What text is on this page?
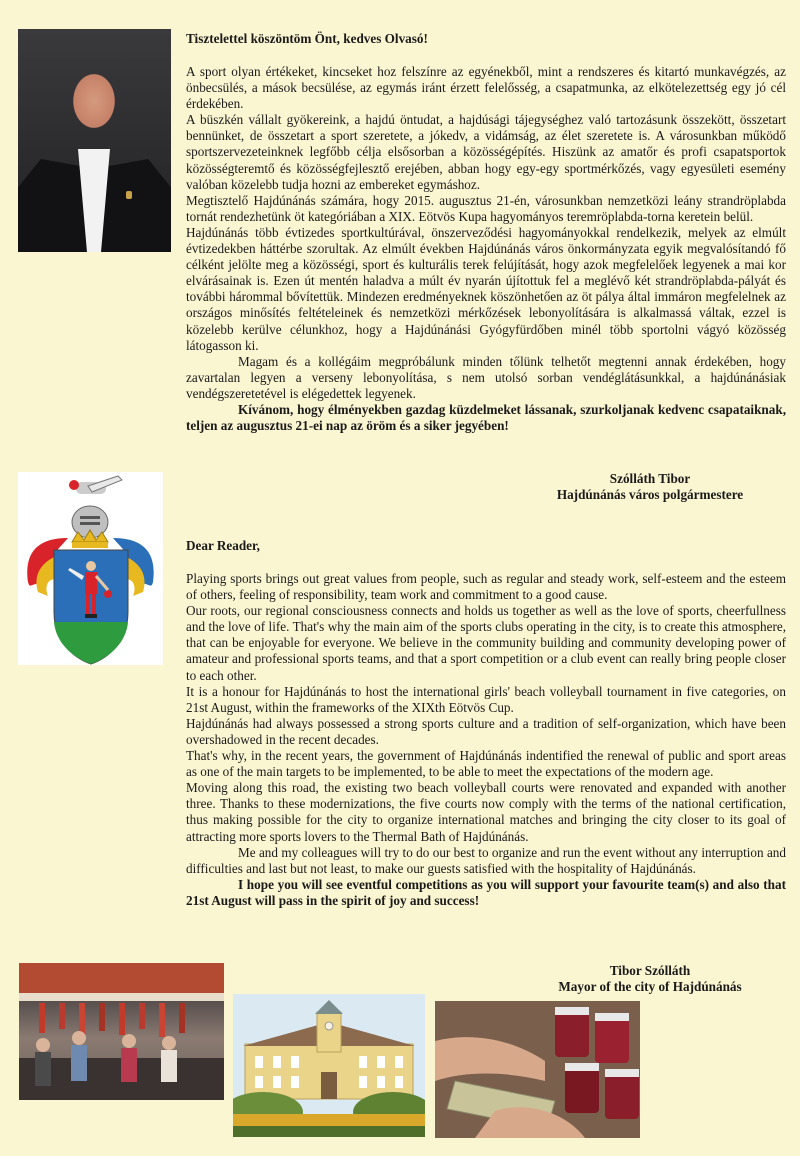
Tisztelettel köszöntöm Önt, kedves Olvasó!

A sport olyan értékeket, kincseket hoz felszínre az egyénekből, mint a rendszeres és kitartó munkavégzés, az önbecsülés, a mások becsülése, az egymás iránt érzett felelősség, a csapatmunka, az elkötelezettség egy jó cél érdekében.

A büszkén vállalt gyökereink, a hajdú öntudat, a hajdúsági tájegységhez való tartozásunk összekött, összetart bennünket, de összetart a sport szeretete, a jókedv, a vidámság, az élet szeretete is. A városunkban működő sportszervezeteinknek legfőbb célja elsősorban a közösségépítés. Hiszünk az amatőr és profi csapatsportok közösségteremtő és közösségfejlesztő erejében, abban hogy egy-egy sportmérkőzés, vagy egyesületi esemény valóban közelebb tudja hozni az embereket egymáshoz.

Megtisztelő Hajdúnánás számára, hogy 2015. augusztus 21-én, városunkban nemzetközi leány strandröplabda tornát rendezhetünk öt kategóriában a XIX. Eötvös Kupa hagyományos teremröplabda-torna keretein belül.

Hajdúnánás több évtizedes sportkultúrával, önszerveződési hagyományokkal rendelkezik, melyek az elmúlt évtizedekben háttérbe szorultak. Az elmúlt években Hajdúnánás város önkormányzata egyik megvalósítandó fő célként jelölte meg a közösségi, sport és kulturális terek felújítását, hogy azok megfelelőek legyenek a mai kor elvárásainak is. Ezen út mentén haladva a múlt év nyarán újítottuk fel a meglévő két strandröplabda-pályát és további hárommal bővítettük. Mindezen eredményeknek köszönhetően az öt pálya által immáron megfelelnek az országos minősítés feltételeinek és nemzetközi mérkőzések lebonyolítására is alkalmassá váltak, ezzel is közelebb kerülve célunkhoz, hogy a Hajdúnánási Gyógyfürdőben minél több sportolni vágyó közösség látogasson ki.

Magam és a kollégáim megpróbálunk minden tőlünk telhetőt megtenni annak érdekében, hogy zavartalan legyen a verseny lebonyolítása, s nem utolsó sorban vendéglátásunkkal, a hajdúnánásiak vendégszeretetével is elégedettek legyenek.

Kívánom, hogy élményekben gazdag küzdelmeket lássanak, szurkoljanak kedvenc csapataiknak, teljen az augusztus 21-ei nap az öröm és a siker jegyében!

Szólláth Tibor
Hajdúnánás város polgármestere

Dear Reader,

Playing sports brings out great values from people, such as regular and steady work, self-esteem and the esteem of others, feeling of responsibility, team work and commitment to a good cause.

Our roots, our regional consciousness connects and holds us together as well as the love of sports, cheerfullness and the love of life. That's why the main aim of the sports clubs operating in the city, is to create this atmosphere, that can be enjoyable for everyone. We believe in the community building and community developing power of amateur and professional sports teams, and that a sport competition or a club event can really bring people closer to each other.

It is a honour for Hajdúnánás to host the international girls' beach volleyball tournament in five categories, on 21st August, within the frameworks of the XIXth Eötvös Cup.

Hajdúnánás had always possessed a strong sports culture and a tradition of self-organization, which have been overshadowed in the recent decades.

That's why, in the recent years, the government of Hajdúnánás indentified the renewal of public and sport areas as one of the main targets to be implemented, to be able to meet the expectations of the modern age.

Moving along this road, the existing two beach volleyball courts were renovated and expanded with another three. Thanks to these modernizations, the five courts now comply with the terms of the national certification, thus making possible for the city to organize international matches and bringing the city closer to its goal of attracting more sports lovers to the Thermal Bath of Hajdúnánás.

Me and my colleagues will try to do our best to organize and run the event without any interruption and difficulties and last but not least, to make our guests satisfied with the hospitality of Hajdúnánás.

I hope you will see eventful competitions as you will support your favourite team(s) and also that 21st August will pass in the spirit of joy and success!

Tibor Szólláth
Mayor of the city of Hajdúnánás
